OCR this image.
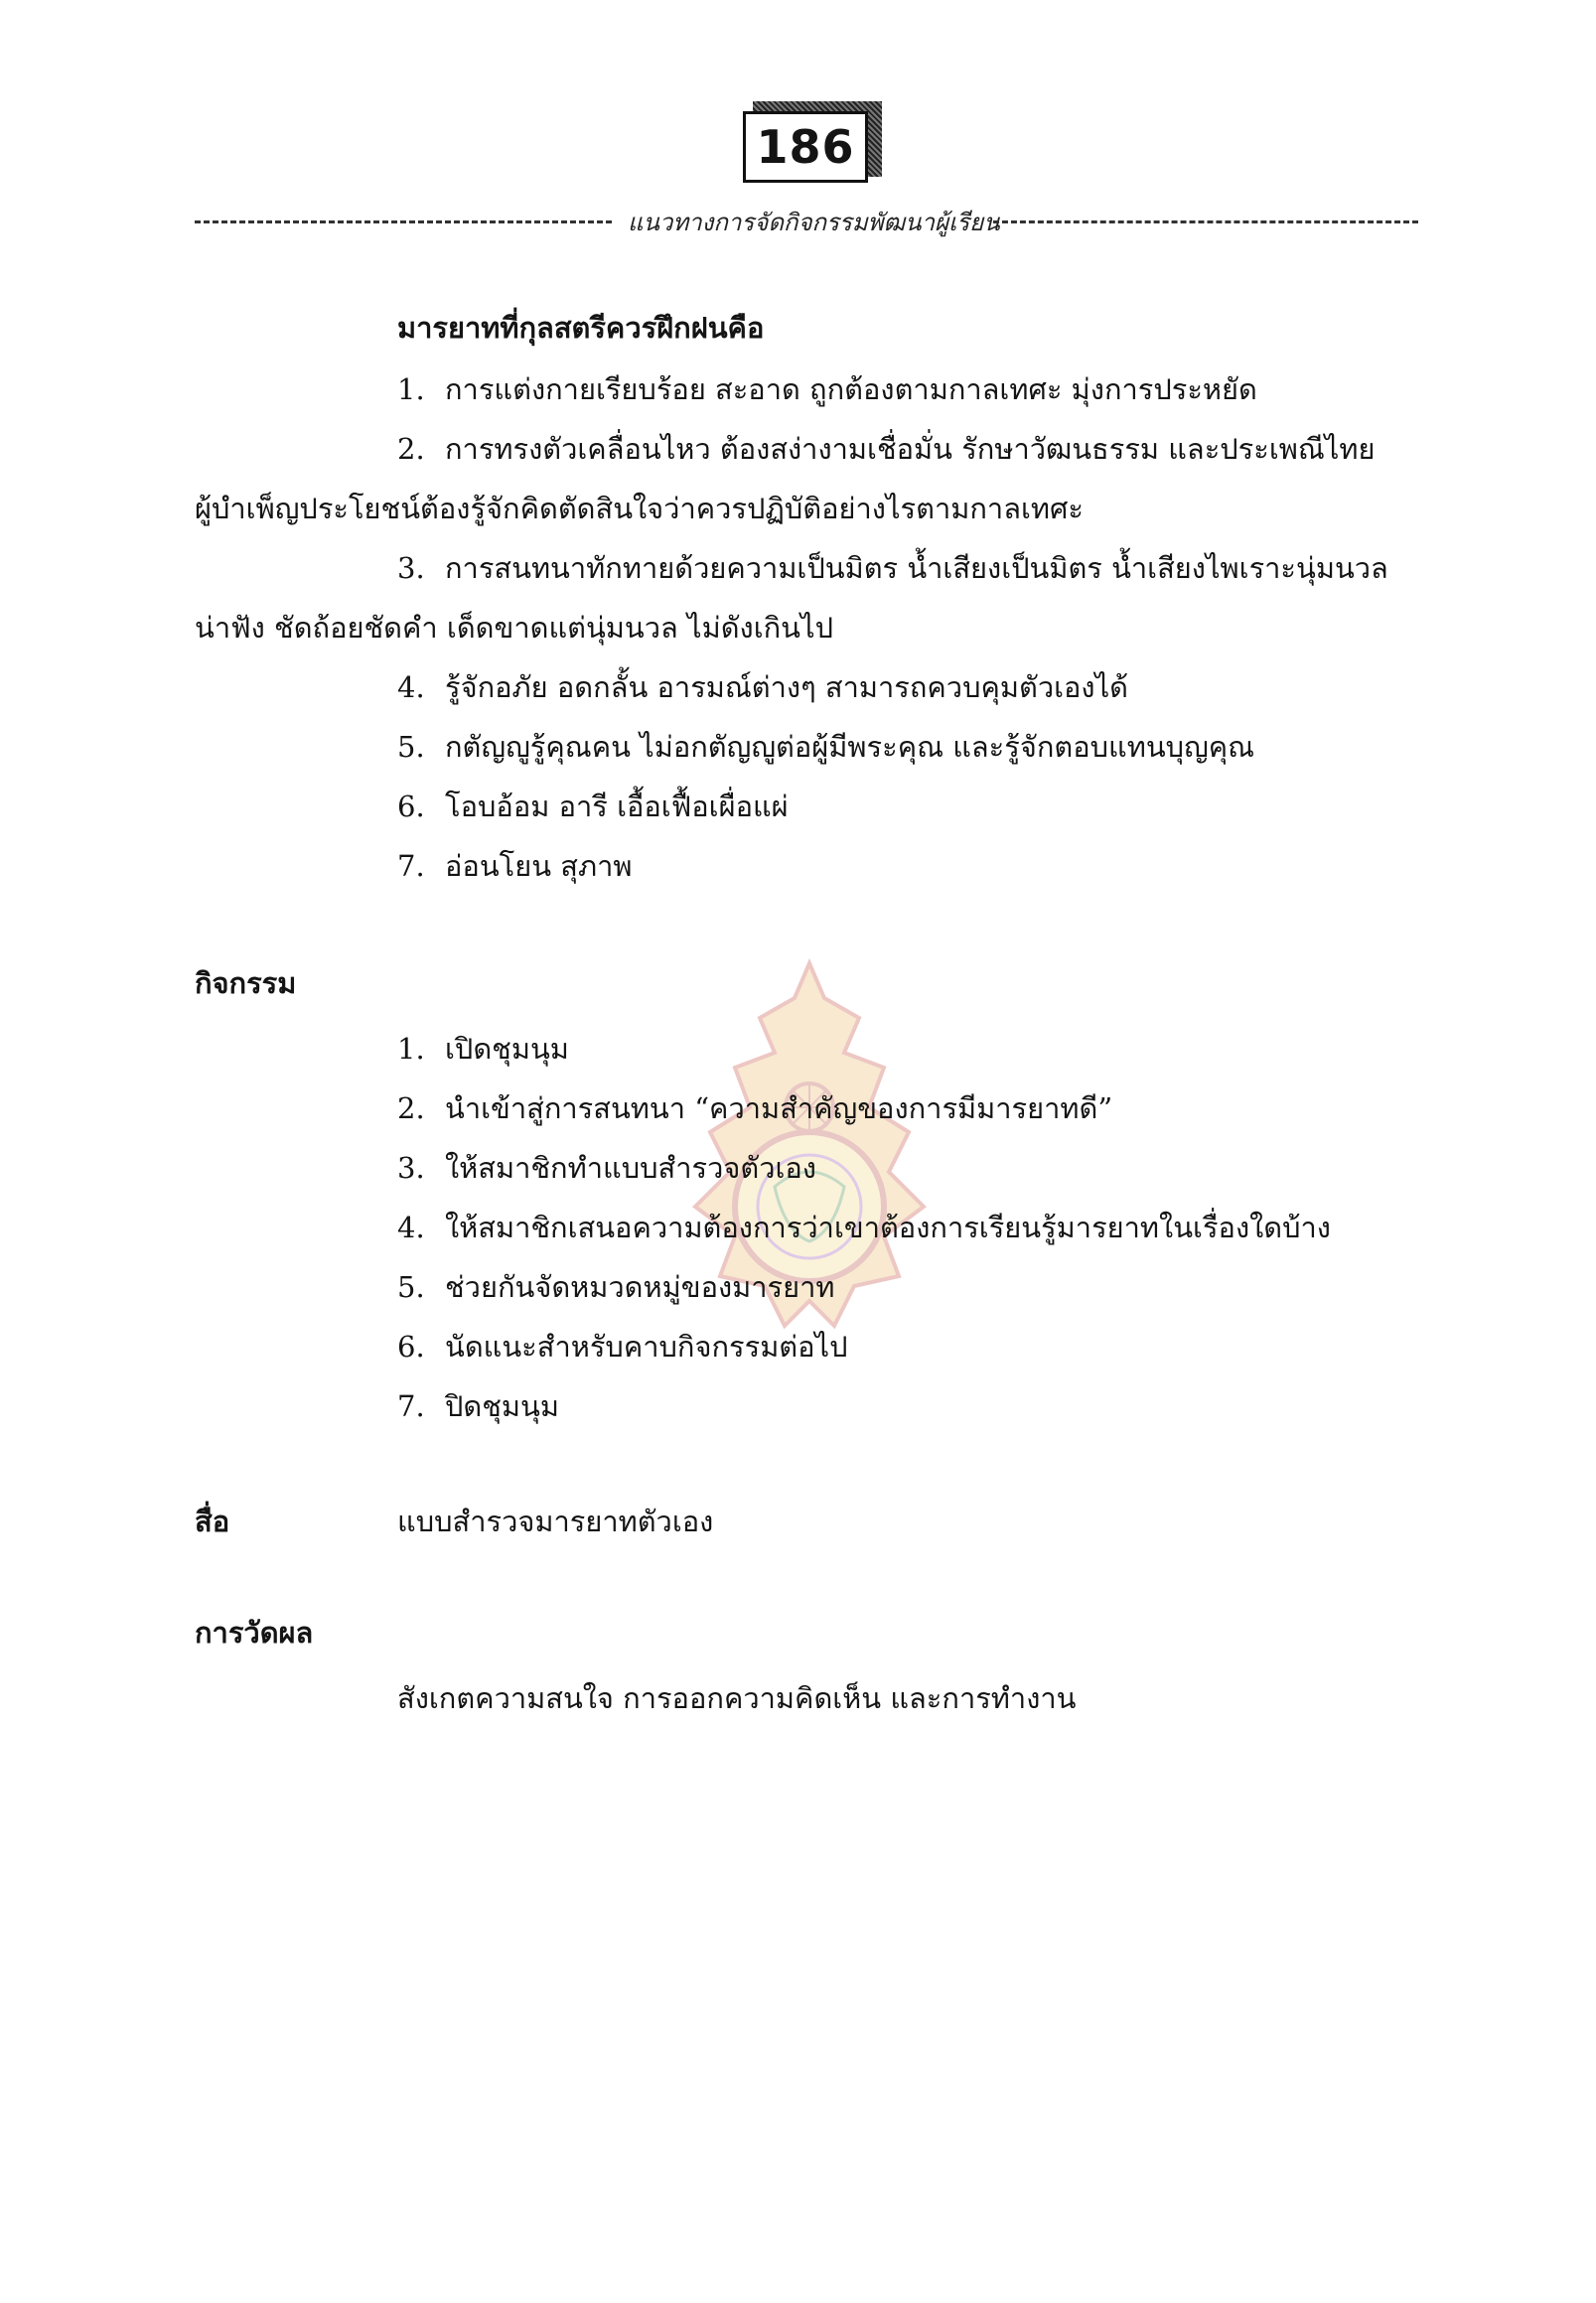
186
แนวทางการจัดกิจกรรมพัฒนาผู้เรียน
มารยาทที่กุลสตรีควรฝึกฝนคือ
1. การแต่งกายเรียบร้อย สะอาด ถูกต้องตามกาลเทศะ มุ่งการประหยัด
2. การทรงตัวเคลื่อนไหว ต้องสง่างามเชื่อมั่น รักษาวัฒนธรรม และประเพณีไทย
ผู้บำเพ็ญประโยชน์ต้องรู้จักคิดตัดสินใจว่าควรปฏิบัติอย่างไรตามกาลเทศะ
3. การสนทนาทักทายด้วยความเป็นมิตร น้ำเสียงเป็นมิตร น้ำเสียงไพเราะนุ่มนวล
น่าฟัง ชัดถ้อยชัดคำ เด็ดขาดแต่นุ่มนวล ไม่ดังเกินไป
4. รู้จักอภัย อดกลั้น อารมณ์ต่างๆ สามารถควบคุมตัวเองได้
5. กตัญญูรู้คุณคน ไม่อกตัญญูต่อผู้มีพระคุณ และรู้จักตอบแทนบุญคุณ
6. โอบอ้อม อารี เอื้อเฟื้อเผื่อแผ่
7. อ่อนโยน สุภาพ
กิจกรรม
1. เปิดชุมนุม
2. นำเข้าสู่การสนทนา “ความสำคัญของการมีมารยาทดี”
3. ให้สมาชิกทำแบบสำรวจตัวเอง
4. ให้สมาชิกเสนอความต้องการว่าเขาต้องการเรียนรู้มารยาทในเรื่องใดบ้าง
5. ช่วยกันจัดหมวดหมู่ของมารยาท
6. นัดแนะสำหรับคาบกิจกรรมต่อไป
7. ปิดชุมนุม
สื่อ	แบบสำรวจมารยาทตัวเอง
การวัดผล
สังเกตความสนใจ การออกความคิดเห็น และการทำงาน
